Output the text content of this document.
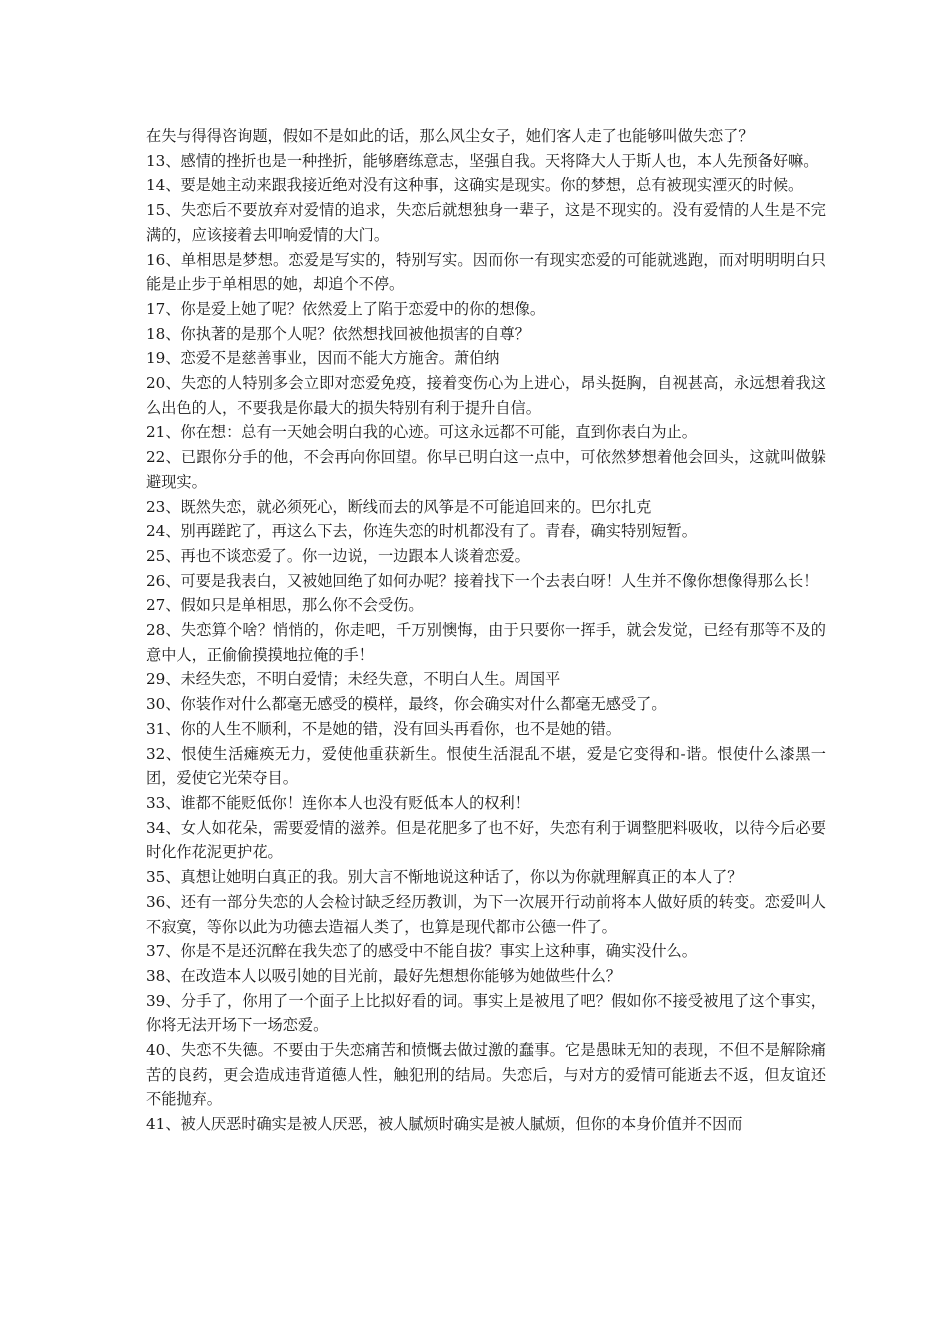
在失与得得咨询题，假如不是如此的话，那么风尘女子，她们客人走了也能够叫做失恋了？

13、感情的挫折也是一种挫折，能够磨练意志，坚强自我。天将降大人于斯人也，本人先预备好嘛。

14、要是她主动来跟我接近绝对没有这种事，这确实是现实。你的梦想，总有被现实湮灭的时候。

15、失恋后不要放弃对爱情的追求，失恋后就想独身一辈子，这是不现实的。没有爱情的人生是不完满的，应该接着去叩响爱情的大门。

16、单相思是梦想。恋爱是写实的，特别写实。因而你一有现实恋爱的可能就逃跑，而对明明明白只能是止步于单相思的她，却追个不停。

17、你是爱上她了呢？依然爱上了陷于恋爱中的你的想像。

18、你执著的是那个人呢？依然想找回被他损害的自尊？

19、恋爱不是慈善事业，因而不能大方施舍。萧伯纳

20、失恋的人特别多会立即对恋爱免疫，接着变伤心为上进心，昂头挺胸，自视甚高，永远想着我这么出色的人，不要我是你最大的损失特别有利于提升自信。

21、你在想：总有一天她会明白我的心迹。可这永远都不可能，直到你表白为止。

22、已跟你分手的他，不会再向你回望。你早已明白这一点中，可依然梦想着他会回头，这就叫做躲避现实。

23、既然失恋，就必须死心，断线而去的风筝是不可能追回来的。巴尔扎克

24、别再蹉跎了，再这么下去，你连失恋的时机都没有了。青春，确实特别短暂。

25、再也不谈恋爱了。你一边说，一边跟本人谈着恋爱。

26、可要是我表白，又被她回绝了如何办呢？接着找下一个去表白呀！人生并不像你想像得那么长！

27、假如只是单相思，那么你不会受伤。

28、失恋算个啥？悄悄的，你走吧，千万别懊悔，由于只要你一挥手，就会发觉，已经有那等不及的意中人，正偷偷摸摸地拉俺的手！

29、未经失恋，不明白爱情；未经失意，不明白人生。周国平

30、你装作对什么都毫无感受的模样，最终，你会确实对什么都毫无感受了。

31、你的人生不顺利，不是她的错，没有回头再看你，也不是她的错。

32、恨使生活瘫痪无力，爱使他重获新生。恨使生活混乱不堪，爱是它变得和-谐。恨使什么漆黑一团，爱使它光荣夺目。

33、谁都不能贬低你！连你本人也没有贬低本人的权利！

34、女人如花朵，需要爱情的滋养。但是花肥多了也不好，失恋有利于调整肥料吸收，以待今后必要时化作花泥更护花。

35、真想让她明白真正的我。别大言不惭地说这种话了，你以为你就理解真正的本人了？

36、还有一部分失恋的人会检讨缺乏经历教训，为下一次展开行动前将本人做好质的转变。恋爱叫人不寂寞，等你以此为功德去造福人类了，也算是现代都市公德一件了。

37、你是不是还沉醉在我失恋了的感受中不能自拔？事实上这种事，确实没什么。

38、在改造本人以吸引她的目光前，最好先想想你能够为她做些什么？

39、分手了，你用了一个面子上比拟好看的词。事实上是被甩了吧？假如你不接受被甩了这个事实，你将无法开场下一场恋爱。

40、失恋不失德。不要由于失恋痛苦和愤慨去做过激的蠢事。它是愚昧无知的表现，不但不是解除痛苦的良药，更会造成违背道德人性，触犯刑的结局。失恋后，与对方的爱情可能逝去不返，但友谊还不能抛弃。

41、被人厌恶时确实是被人厌恶，被人腻烦时确实是被人腻烦，但你的本身价值并不因而
